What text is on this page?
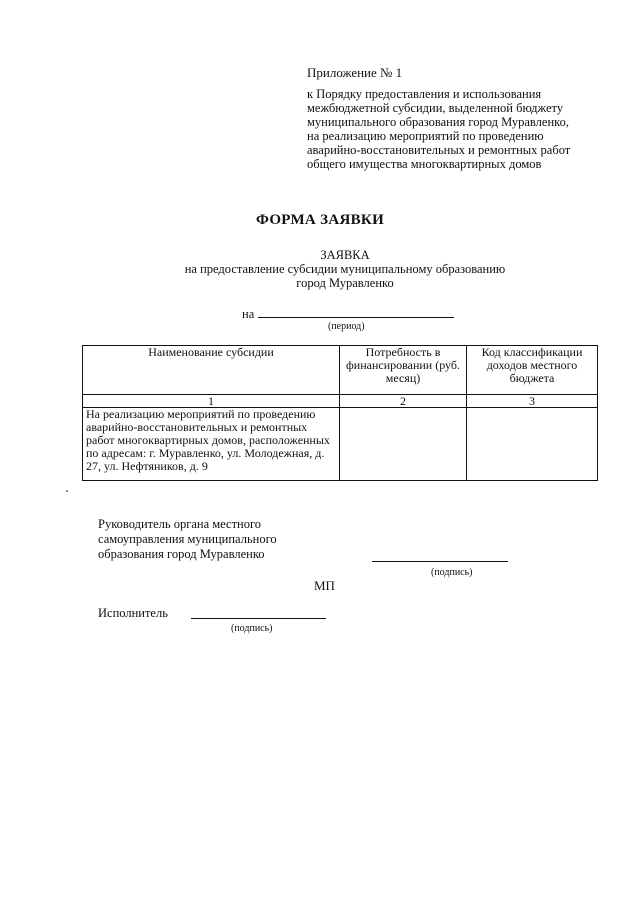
Приложение № 1
к Порядку предоставления и использования
межбюджетной субсидии, выделенной бюджету
муниципального образования город Муравленко,
на реализацию мероприятий по проведению
аварийно-восстановительных и ремонтных работ
общего имущества многоквартирных домов
ФОРМА ЗАЯВКИ
ЗАЯВКА
на предоставление субсидии муниципальному образованию
город Муравленко
на
(период)
Наименование субсидии	Потребность в финансировании (руб. месяц)	Код классификации доходов местного бюджета
1	2	3
На реализацию мероприятий по проведению аварийно-восстановительных и ремонтных работ многоквартирных домов, расположенных по адресам: г. Муравленко, ул. Молодежная, д. 27, ул. Нефтяников, д. 9		
Руководитель органа местного
самоуправления муниципального
образования город Муравленко
(подпись)
МП
Исполнитель
(подпись)
